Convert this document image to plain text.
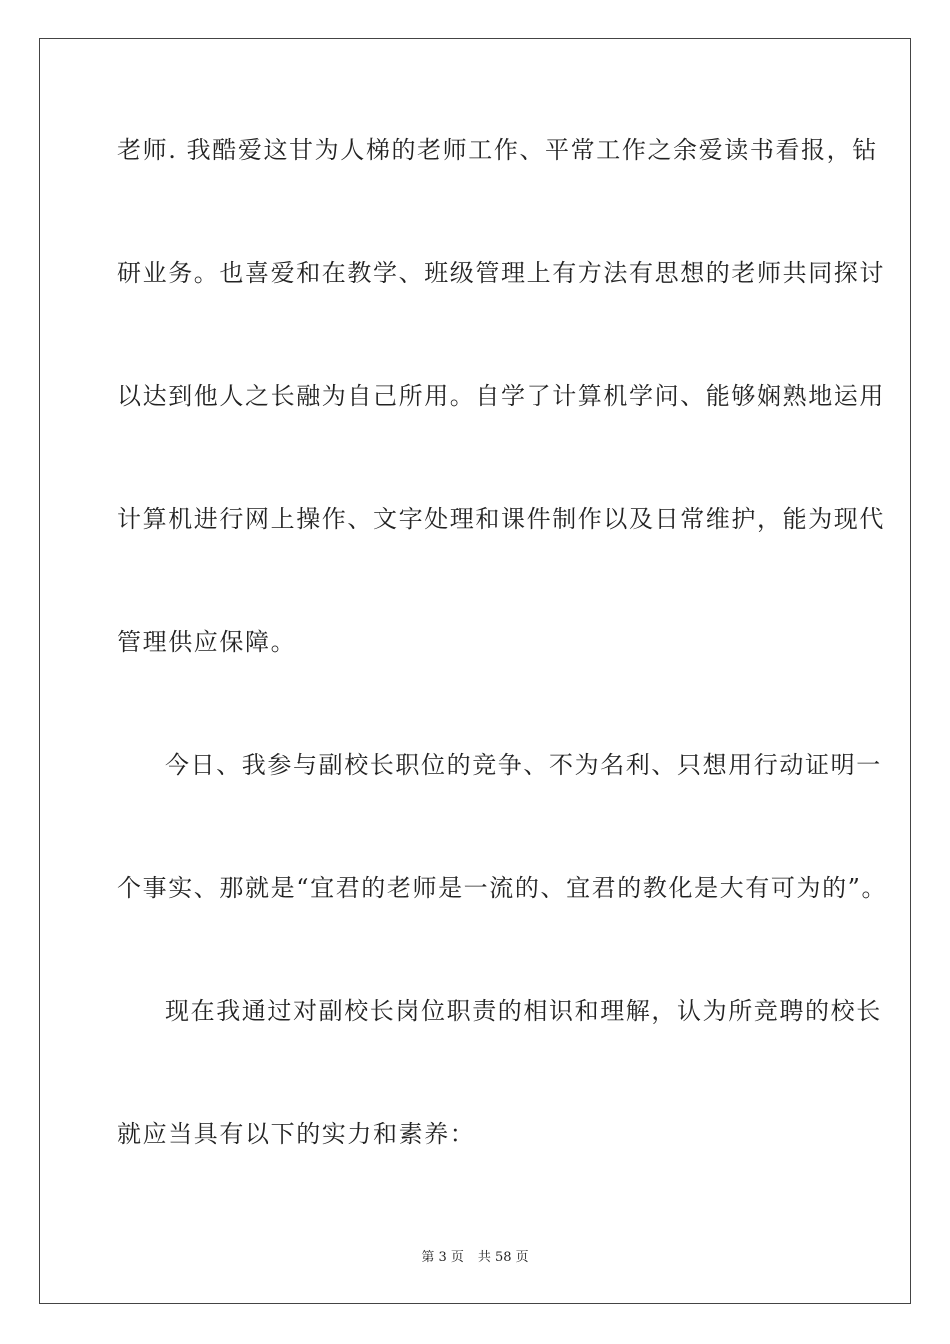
老师. 我酷爱这甘为人梯的老师工作、平常工作之余爱读书看报，钻
研业务。也喜爱和在教学、班级管理上有方法有思想的老师共同探讨
以达到他人之长融为自己所用。自学了计算机学问、能够娴熟地运用
计算机进行网上操作、文字处理和课件制作以及日常维护，能为现代
管理供应保障。
今日、我参与副校长职位的竞争、不为名利、只想用行动证明一
个事实、那就是“宜君的老师是一流的、宜君的教化是大有可为的”。
现在我通过对副校长岗位职责的相识和理解，认为所竞聘的校长
就应当具有以下的实力和素养：
第 3 页 共 58 页
